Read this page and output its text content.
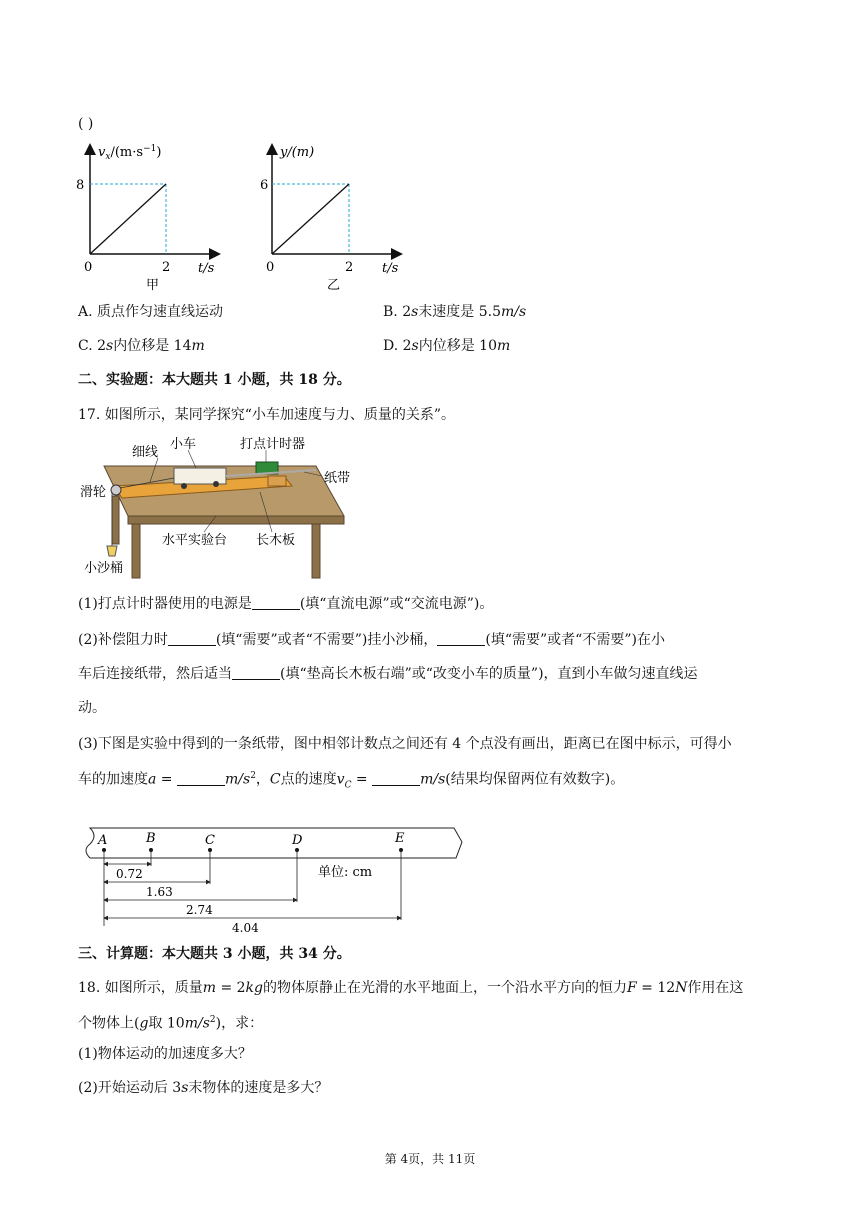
( )
$v_x/(m\cdot s^{-1})$
8
0	2 t/s
甲
y/(m)
6
0	2 t/s
乙
A. 质点作匀速直线运动	B. 2s末速度是 5.5m/s
C. 2s内位移是 14m	D. 2s内位移是 10m
二、实验题：本大题共 1 小题，共 18 分。
17. 如图所示，某同学探究“小车加速度与力、质量的关系”。
细线
小车	打点计时器
纸带
滑轮
水平实验台 长木板
小沙桶
(1)打点计时器使用的电源是	(填“直流电源”或“交流电源”)。
(2)补偿阻力时	(填“需要”或者“不需要”)挂小沙桶，	(填“需要”或者“不需要”)在小
车后连接纸带，然后适当	(填“垫高长木板右端”或“改变小车的质量”)，直到小车做匀速直线运
动。
(3)下图是实验中得到的一条纸带，图中相邻计数点之间还有 4 个点没有画出，距离已在图中标示，可得小
车的加速度a =	$m/s^2$，C点的速度$v_C$ =	m/s(结果均保留两位有效数字)。
A	B	C	D	E
0.72
1.63
2.74
4.04
单位: cm
三、计算题：本大题共 3 小题，共 34 分。
18. 如图所示，质量m = 2kg的物体原静止在光滑的水平地面上，一个沿水平方向的恒力F = 12N作用在这
个物体上(g取 $10m/s^2$)，求：
(1)物体运动的加速度多大？
(2)开始运动后 3s末物体的速度是多大？
第 4页，共 11页
